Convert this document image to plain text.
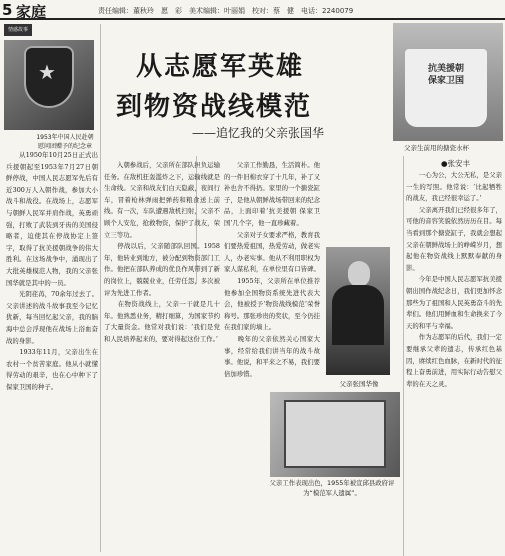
5 家庭	责任编辑：董秋玲　愿　彩　美术编辑：叶丽娟　校对：蔡　健　电话：2240079
情感故事
★
1953年中国人民赴朝慰问团赠予的纪念章
从志愿军英雄
到物资战线模范
——追忆我的父亲张国华
抗美援朝
保家卫国
父亲生前用的搪瓷水杯
●张安丰
　　从1950年10月25日正式出兵援朝起至1953年7月27日朝鲜停战，中国人民志愿军先后有近300万人入朝作战，参加大小战斗和战役。在战场上，志愿军与朝鲜人民军并肩作战，英勇顽强，打败了武装到牙齿的美国侵略者，迫使其在停战协定上签字，取得了抗美援朝战争的伟大胜利。在这场战争中，涌现出了大批英雄模范人物，我的父亲张国华就是其中的一员。
　　光阴荏苒，70余年过去了。父亲讲述的战斗故事我至今记忆犹新，每当回忆起父亲，我的脑海中总会浮现他在战场上浴血奋战的身影。
　　1933年11月，父亲出生在农村一个贫苦家庭。他从小就懂得劳动的艰辛，也在心中种下了保家卫国的种子。
　　入朝参战后，父亲所在部队担负运输任务。在敌机狂轰滥炸之下，运输线就是生命线。父亲和战友们白天隐蔽，夜间行车，冒着枪林弹雨把弹药和粮食送上前线。有一次，车队遭遇敌机扫射，父亲不顾个人安危，抢救物资，保护了战友，荣立三等功。
　　停战以后，父亲随部队回国。1958年，他转业到地方，被分配到物资部门工作。他把在部队养成的优良作风带到了新的岗位上，兢兢业业，任劳任怨，多次被评为先进工作者。
　　在物资战线上，父亲一干就是几十年。他熟悉业务，精打细算，为国家节约了大量资金。他常对我们说：‘我们是党和人民培养起来的，要对得起这份工作。’
　　父亲工作勤恳，生活简朴。他的一件旧棉衣穿了十几年，补了又补也舍不得扔。家里的一个搪瓷缸子，是他从朝鲜战场带回来的纪念品，上面印着‘抗美援朝 保家卫国’几个字，他一直珍藏着。
　　父亲对子女要求严格，教育我们要热爱祖国，热爱劳动，做老实人，办老实事。他从不利用职权为家人谋私利，在单位里有口皆碑。
　　1955年，父亲所在单位推荐他参加全国物资系统先进代表大会，他被授予‘物资战线模范’荣誉称号。那张珍贵的奖状，至今仍挂在我们家的墙上。
　　晚年的父亲依然关心国家大事，经常给我们讲当年的战斗故事。他说，和平来之不易，我们要倍加珍惜。
　　一心为公，大公无私，是父亲一生的写照。他常说：‘比起牺牲的战友，我已经很幸运了。’
　　父亲离开我们已经很多年了，可他的音容笑貌依然历历在目。每当看到那个搪瓷缸子，我就会想起父亲在朝鲜战场上的峥嵘岁月，想起他在物资战线上默默奉献的身影。
　　今年是中国人民志愿军抗美援朝出国作战纪念日，我们更加怀念那些为了祖国和人民英勇奋斗的先辈们。他们用鲜血和生命换来了今天的和平与幸福。
　　作为志愿军的后代，我们一定要继承父辈的遗志，传承红色基因，赓续红色血脉，在新时代的征程上奋勇前进，用实际行动告慰父辈的在天之灵。
父亲张国华像
父亲工作表现出色，1955年被宣邱县政府评为“模范军人遗属”。
